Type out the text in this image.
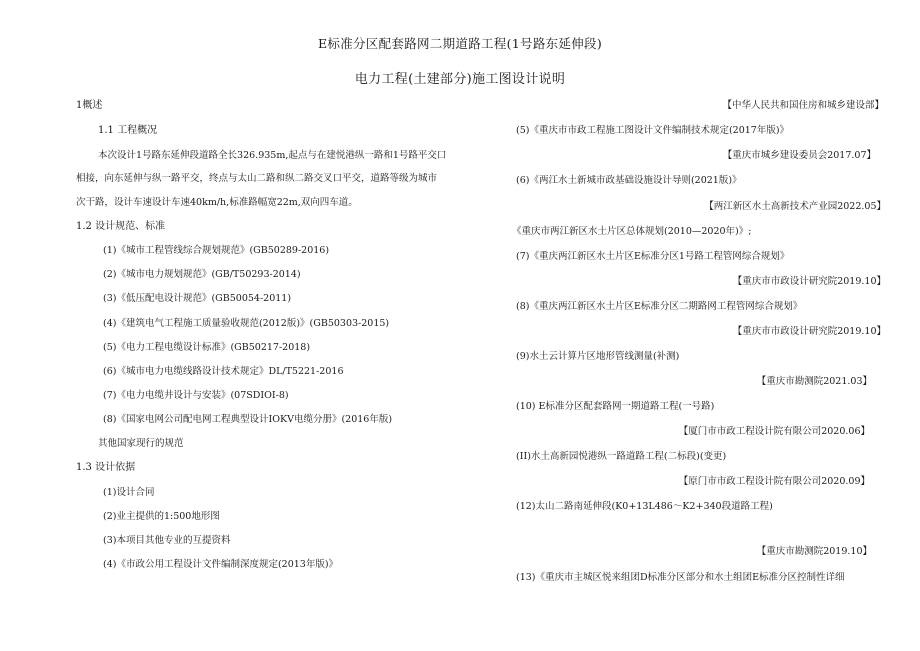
E标准分区配套路网二期道路工程(1号路东延伸段)
电力工程(土建部分)施工图设计说明
1概述
1.1 工程概况
本次设计1号路东延伸段道路全长326.935m,起点与在建悦港纵一路和1号路平交口
相接，向东延伸与纵一路平交，终点与太山二路和纵二路交叉口平交，道路等级为城市
次干路，设计车速设计车速40km/h,标准路幅宽22m,双向四车道。
1.2 设计规范、标准
(1)《城市工程管线综合规划规范》(GB50289-2016)
(2)《城市电力规划规范》(GB/T50293-2014)
(3)《低压配电设计规范》(GB50054-2011)
(4)《建筑电气工程施工质量验收规范(2012版)》(GB50303-2015)
(5)《电力工程电缆设计标准》(GB50217-2018)
(6)《城市电力电缆线路设计技术规定》DL/T5221-2016
(7)《电力电缆井设计与安装》(07SDIOI-8)
(8)《国家电网公司配电网工程典型设计IOKV电缆分册》(2016年版)
其他国家现行的规范
1.3 设计依据
(1)设计合同
(2)业主提供的1:500地形图
(3)本项目其他专业的互提资料
(4)《市政公用工程设计文件编制深度规定(2013年版)》
【中华人民共和国住房和城乡建设部】
(5)《重庆市市政工程施工图设计文件编制技术规定(2017年版)》
【重庆市城乡建设委员会2017.07】
(6)《两江水土新城市政基础设施设计导则(2021版)》
【两江新区水土高新技术产业园2022.05】
《重庆市两江新区水土片区总体规划(2010—2020年)》;
(7)《重庆两江新区水土片区E标准分区1号路工程管网综合规划》
【重庆市市政设计研究院2019.10】
(8)《重庆两江新区水土片区E标准分区二期路网工程管网综合规划》
【重庆市市政设计研究院2019.10】
(9)水土云计算片区地形管线测量(补测)
【重庆市勘测院2021.03】
(10) E标准分区配套路网一期道路工程(一号路)
【厦门市市政工程设计院有限公司2020.06】
(II)水土高新园悦港纵一路道路工程(二标段)(变更)
【原门市市政工程设计院有限公司2020.09】
(12)太山二路南延伸段(K0+13L486～K2+340段道路工程)
【重庆市勘测院2019.10】
(13)《重庆市主城区悦来组团D标准分区部分和水土组团E标准分区控制性详细
